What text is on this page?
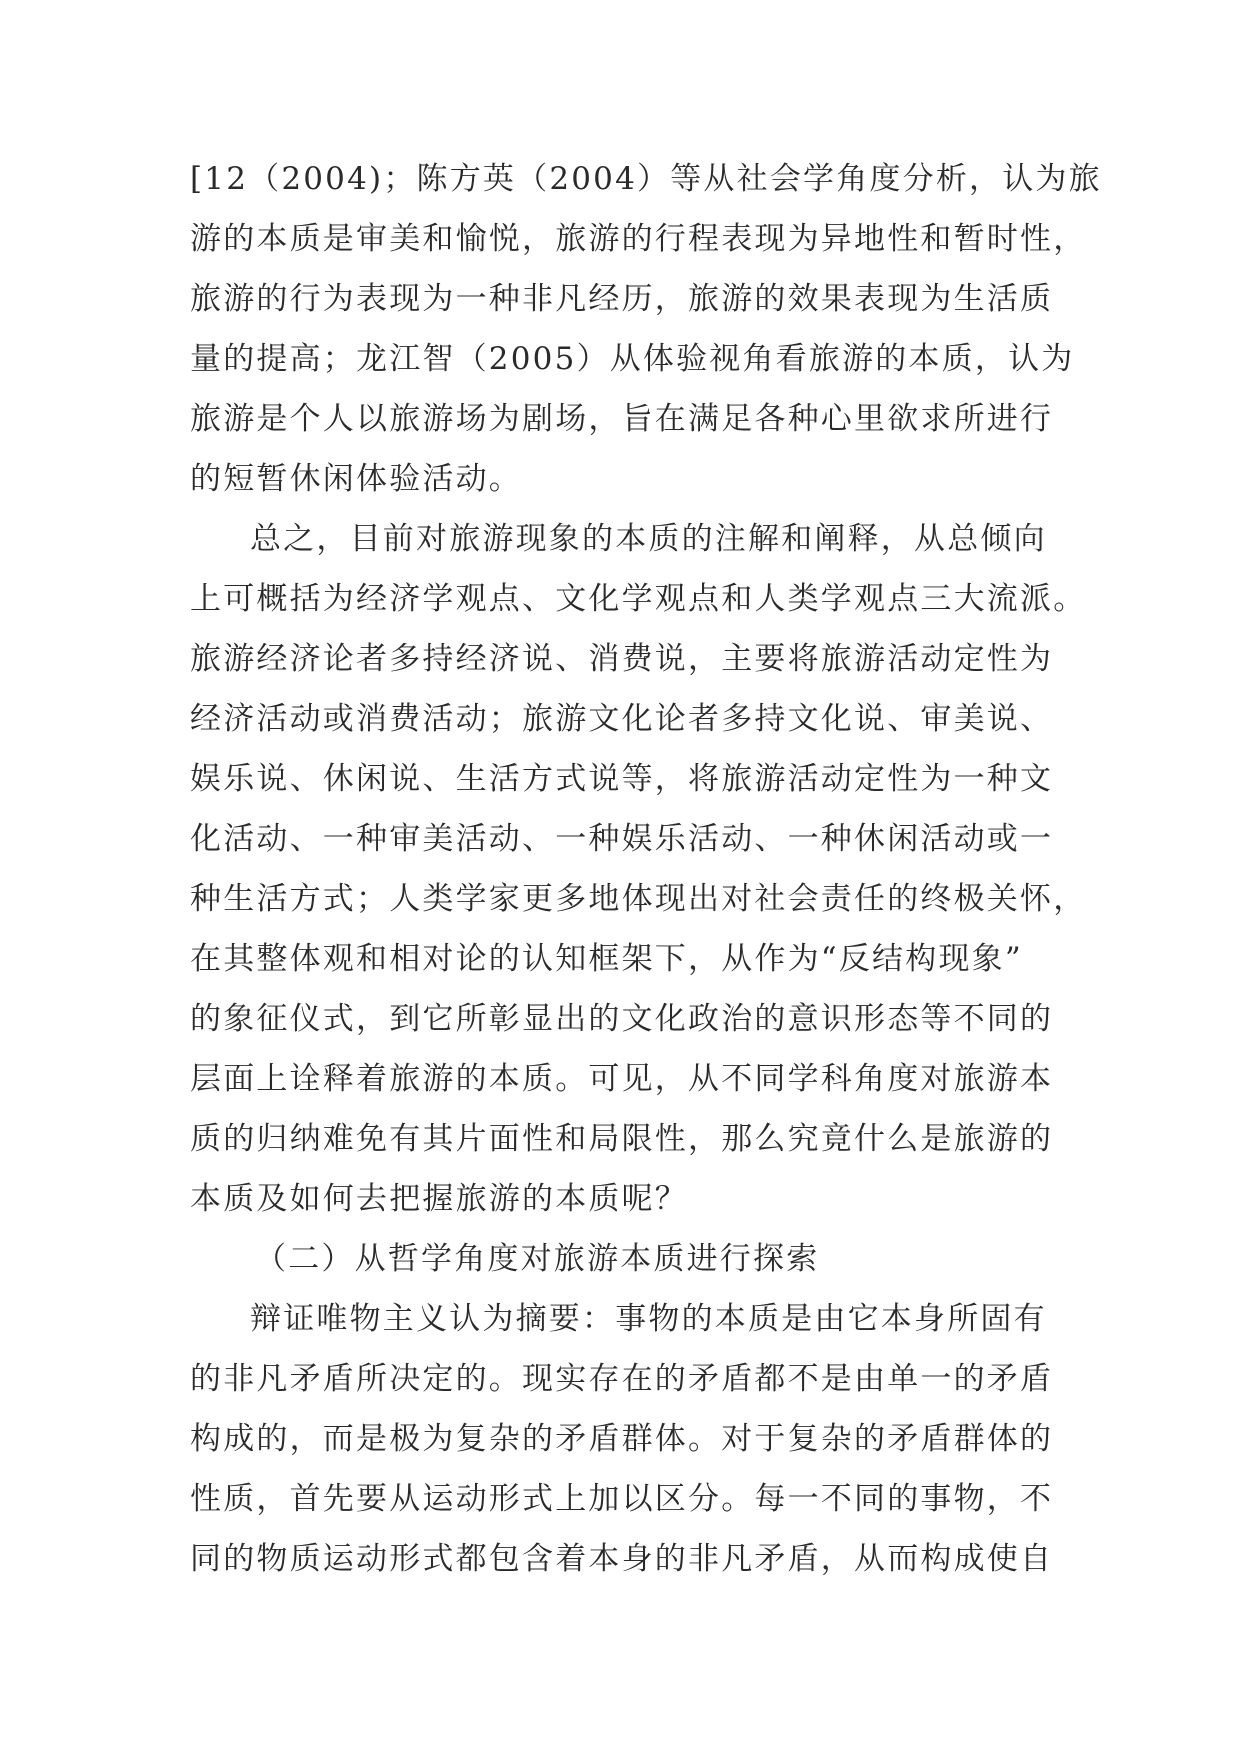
[12（2004)；陈方英（2004）等从社会学角度分析，认为旅
游的本质是审美和愉悦，旅游的行程表现为异地性和暂时性，
旅游的行为表现为一种非凡经历，旅游的效果表现为生活质
量的提高；龙江智（2005）从体验视角看旅游的本质，认为
旅游是个人以旅游场为剧场，旨在满足各种心里欲求所进行
的短暂休闲体验活动。
总之，目前对旅游现象的本质的注解和阐释，从总倾向
上可概括为经济学观点、文化学观点和人类学观点三大流派。
旅游经济论者多持经济说、消费说，主要将旅游活动定性为
经济活动或消费活动；旅游文化论者多持文化说、审美说、
娱乐说、休闲说、生活方式说等，将旅游活动定性为一种文
化活动、一种审美活动、一种娱乐活动、一种休闲活动或一
种生活方式；人类学家更多地体现出对社会责任的终极关怀，
在其整体观和相对论的认知框架下，从作为“反结构现象”
的象征仪式，到它所彰显出的文化政治的意识形态等不同的
层面上诠释着旅游的本质。可见，从不同学科角度对旅游本
质的归纳难免有其片面性和局限性，那么究竟什么是旅游的
本质及如何去把握旅游的本质呢？
（二）从哲学角度对旅游本质进行探索
辩证唯物主义认为摘要：事物的本质是由它本身所固有
的非凡矛盾所决定的。现实存在的矛盾都不是由单一的矛盾
构成的，而是极为复杂的矛盾群体。对于复杂的矛盾群体的
性质，首先要从运动形式上加以区分。每一不同的事物，不
同的物质运动形式都包含着本身的非凡矛盾，从而构成使自
